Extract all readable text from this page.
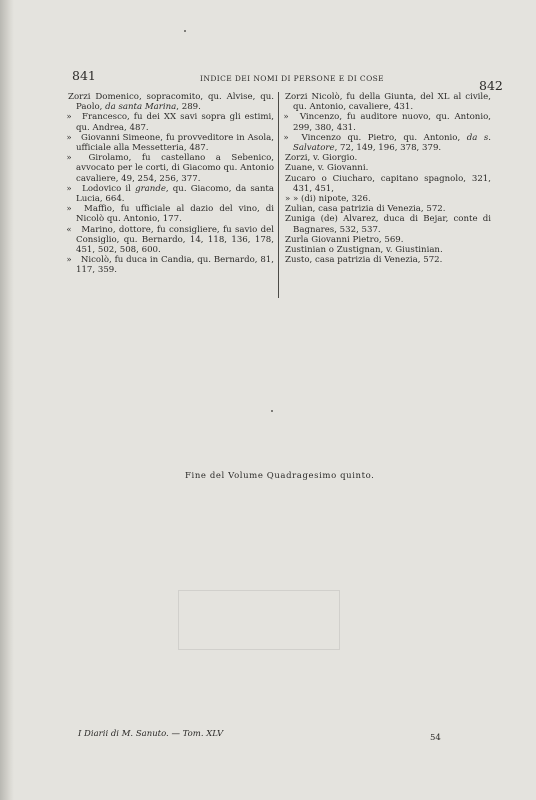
841	INDICE DEI NOMI DI PERSONE E DI COSE	842

Zorzi Domenico, sopracomito, qu. Alvise, qu. Paolo, da santa Marina, 289.

» Francesco, fu dei XX savi sopra gli estimi, qu. Andrea, 487.

» Giovanni Simeone, fu provveditore in Asola, ufficiale alla Messetteria, 487.

» Girolamo, fu castellano a Sebenico, avvocato per le corti, di Giacomo qu. Antonio cavaliere, 49, 254, 256, 377.

» Lodovico il grande, qu. Giacomo, da santa Lucia, 664.

» Maffio, fu ufficiale al dazio del vino, di Nicolò qu. Antonio, 177.

« Marino, dottore, fu consigliere, fu savio del Consiglio, qu. Bernardo, 14, 118, 136, 178, 451, 502, 508, 600.

» Nicolò, fu duca in Candia, qu. Bernardo, 81, 117, 359.

Zorzi Nicolò, fu della Giunta, del XL al civile, qu. Antonio, cavaliere, 431.

» Vincenzo, fu auditore nuovo, qu. Antonio, 299, 380, 431.

» Vincenzo qu. Pietro, qu. Antonio, da s. Salvatore, 72, 149, 196, 378, 379.

Zorzi, v. Giorgio.

Zuane, v. Giovanni.

Zucaro o Ciucharo, capitano spagnolo, 321, 431, 451,

» » (di) nipote, 326.

Zulian, casa patrizia di Venezia, 572.

Zuniga (de) Alvarez, duca di Bejar, conte di Bagnares, 532, 537.

Zurla Giovanni Pietro, 569.

Zustinian o Zustignan, v. Giustinian.

Zusto, casa patrizia di Venezia, 572.

Fine del Volume Quadragesimo quinto.
I Diarii di M. Sanuto. — Tom. XLV	54
